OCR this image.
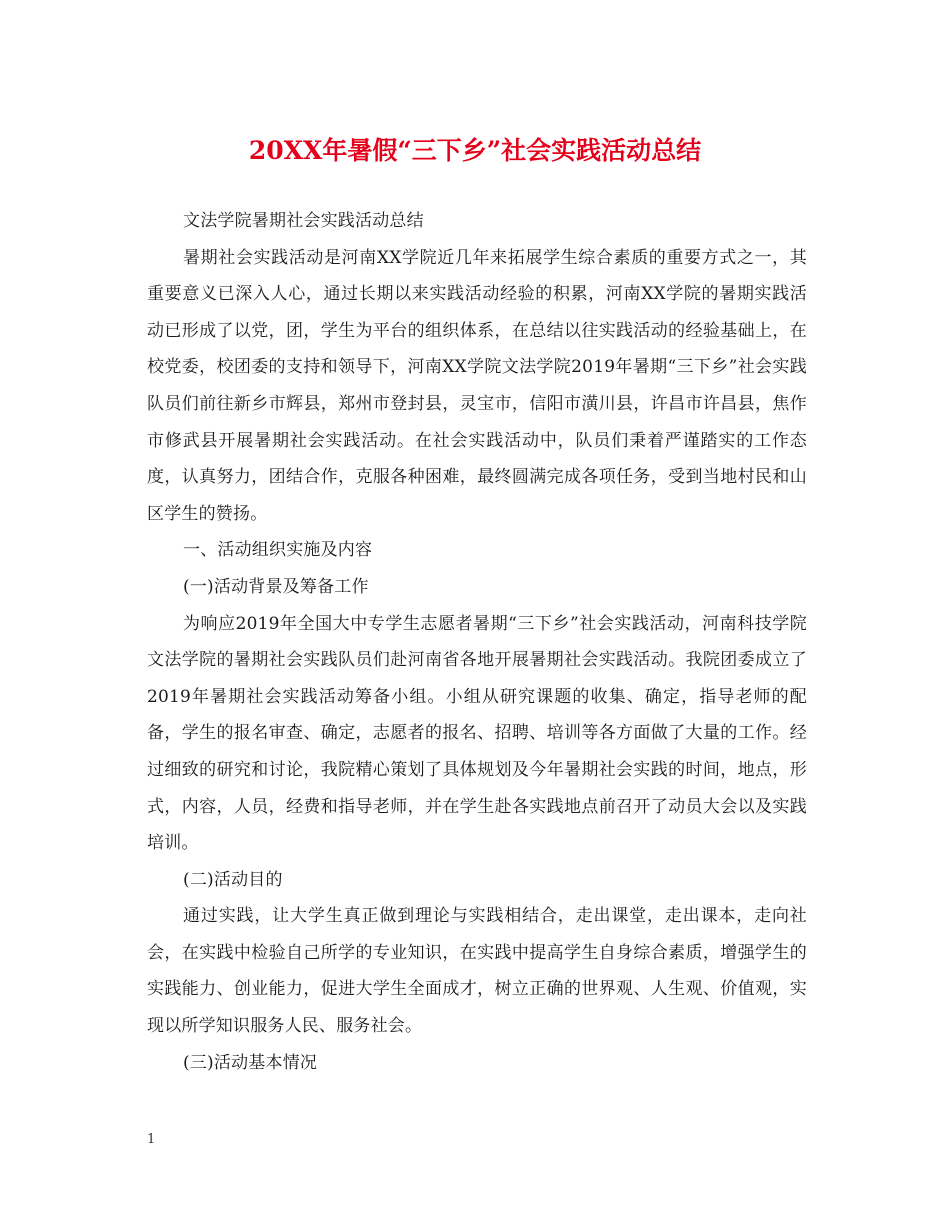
20XX年暑假“三下乡”社会实践活动总结

文法学院暑期社会实践活动总结

暑期社会实践活动是河南XX学院近几年来拓展学生综合素质的重要方式之一，其重要意义已深入人心，通过长期以来实践活动经验的积累，河南XX学院的暑期实践活动已形成了以党，团，学生为平台的组织体系，在总结以往实践活动的经验基础上，在校党委，校团委的支持和领导下，河南XX学院文法学院2019年暑期“三下乡”社会实践队员们前往新乡市辉县，郑州市登封县，灵宝市，信阳市潢川县，许昌市许昌县，焦作市修武县开展暑期社会实践活动。在社会实践活动中，队员们秉着严谨踏实的工作态度，认真努力，团结合作，克服各种困难，最终圆满完成各项任务，受到当地村民和山区学生的赞扬。

一、活动组织实施及内容

(一)活动背景及筹备工作

为响应2019年全国大中专学生志愿者暑期“三下乡”社会实践活动，河南科技学院文法学院的暑期社会实践队员们赴河南省各地开展暑期社会实践活动。我院团委成立了2019年暑期社会实践活动筹备小组。小组从研究课题的收集、确定，指导老师的配备，学生的报名审查、确定，志愿者的报名、招聘、培训等各方面做了大量的工作。经过细致的研究和讨论，我院精心策划了具体规划及今年暑期社会实践的时间，地点，形式，内容，人员，经费和指导老师，并在学生赴各实践地点前召开了动员大会以及实践培训。

(二)活动目的

通过实践，让大学生真正做到理论与实践相结合，走出课堂，走出课本，走向社会，在实践中检验自己所学的专业知识，在实践中提高学生自身综合素质，增强学生的实践能力、创业能力，促进大学生全面成才，树立正确的世界观、人生观、价值观，实现以所学知识服务人民、服务社会。

(三)活动基本情况

1
